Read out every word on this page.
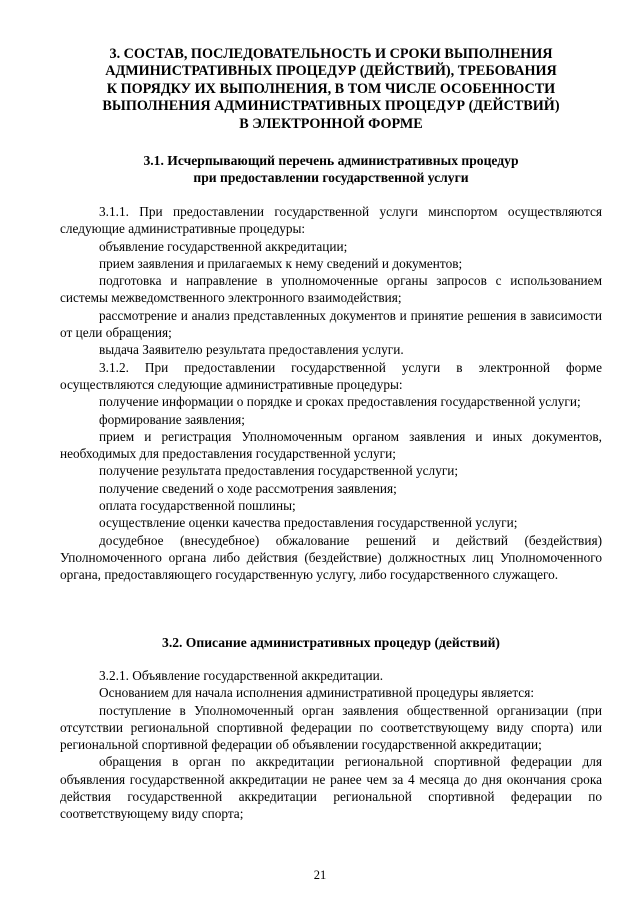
3. СОСТАВ, ПОСЛЕДОВАТЕЛЬНОСТЬ И СРОКИ ВЫПОЛНЕНИЯ
АДМИНИСТРАТИВНЫХ ПРОЦЕДУР (ДЕЙСТВИЙ), ТРЕБОВАНИЯ
К ПОРЯДКУ ИХ ВЫПОЛНЕНИЯ, В ТОМ ЧИСЛЕ ОСОБЕННОСТИ
ВЫПОЛНЕНИЯ АДМИНИСТРАТИВНЫХ ПРОЦЕДУР (ДЕЙСТВИЙ)
В ЭЛЕКТРОННОЙ ФОРМЕ
3.1. Исчерпывающий перечень административных процедур
при предоставлении государственной услуги

3.1.1. При предоставлении государственной услуги минспортом осуществляются следующие административные процедуры:

объявление государственной аккредитации;

прием заявления и прилагаемых к нему сведений и документов;

подготовка и направление в уполномоченные органы запросов с использованием системы межведомственного электронного взаимодействия;

рассмотрение и анализ представленных документов и принятие решения в зависимости от цели обращения;

выдача Заявителю результата предоставления услуги.

3.1.2. При предоставлении государственной услуги в электронной форме осуществляются следующие административные процедуры:

получение информации о порядке и сроках предоставления государственной услуги;

формирование заявления;

прием и регистрация Уполномоченным органом заявления и иных документов, необходимых для предоставления государственной услуги;

получение результата предоставления государственной услуги;

получение сведений о ходе рассмотрения заявления;

оплата государственной пошлины;

осуществление оценки качества предоставления государственной услуги;

досудебное (внесудебное) обжалование решений и действий (бездействия) Уполномоченного органа либо действия (бездействие) должностных лиц Уполномоченного органа, предоставляющего государственную услугу, либо государственного служащего.

3.2. Описание административных процедур (действий)

3.2.1. Объявление государственной аккредитации.

Основанием для начала исполнения административной процедуры является:

поступление в Уполномоченный орган заявления общественной организации (при отсутствии региональной спортивной федерации по соответствующему виду спорта) или региональной спортивной федерации об объявлении государственной аккредитации;

обращения в орган по аккредитации региональной спортивной федерации для объявления государственной аккредитации не ранее чем за 4 месяца до дня окончания срока действия государственной аккредитации региональной спортивной федерации по соответствующему виду спорта;

21
